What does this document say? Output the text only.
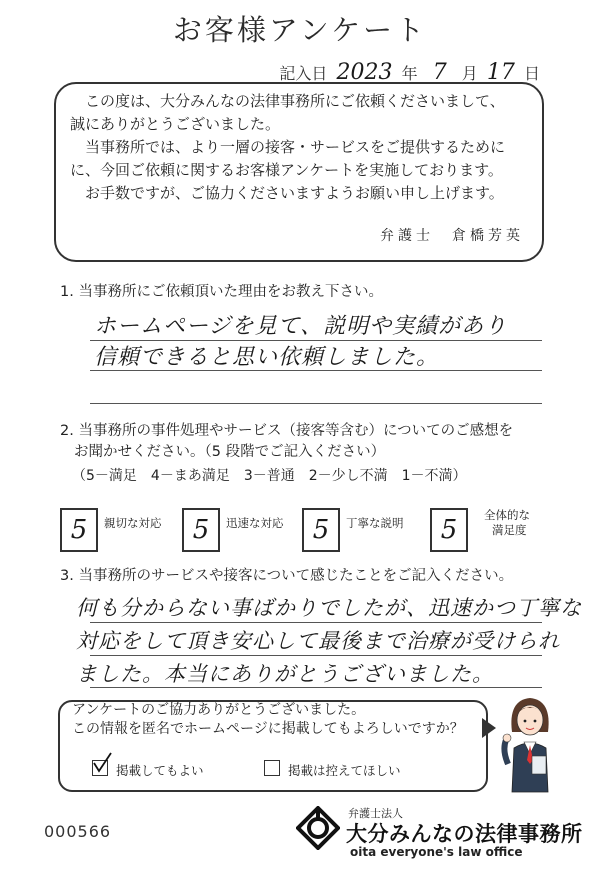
お客様アンケート
記入日 2023 年 7 月 17 日

この度は、大分みんなの法律事務所にご依頼くださいまして、

誠にありがとうございました。

当事務所では、より一層の接客・サービスをご提供するために

に、今回ご依頼に関するお客様アンケートを実施しております。

お手数ですが、ご協力くださいますようお願い申し上げます。

弁護士　倉橋芳英
1. 当事務所にご依頼頂いた理由をお教え下さい。
ホームページを見て、説明や実績があり
信頼できると思い依頼しました。
2. 当事務所の事件処理やサービス（接客等含む）についてのご感想を
お聞かせください。（5 段階でご記入ください）
（5－満足　4－まあ満足　3－普通　2－少し不満　1－不満）
5	親切な対応	5	迅速な対応	5	丁寧な説明	5	全体的な
満足度
3. 当事務所のサービスや接客について感じたことをご記入ください。
何も分からない事ばかりでしたが、迅速かつ丁寧な
対応をして頂き安心して最後まで治療が受けられ
ました。本当にありがとうございました。
アンケートのご協力ありがとうございました。
この情報を匿名でホームページに掲載してもよろしいですか？
掲載してもよい	掲載は控えてほしい
000566
弁護士法人
大分みんなの法律事務所
oita everyone's law office
